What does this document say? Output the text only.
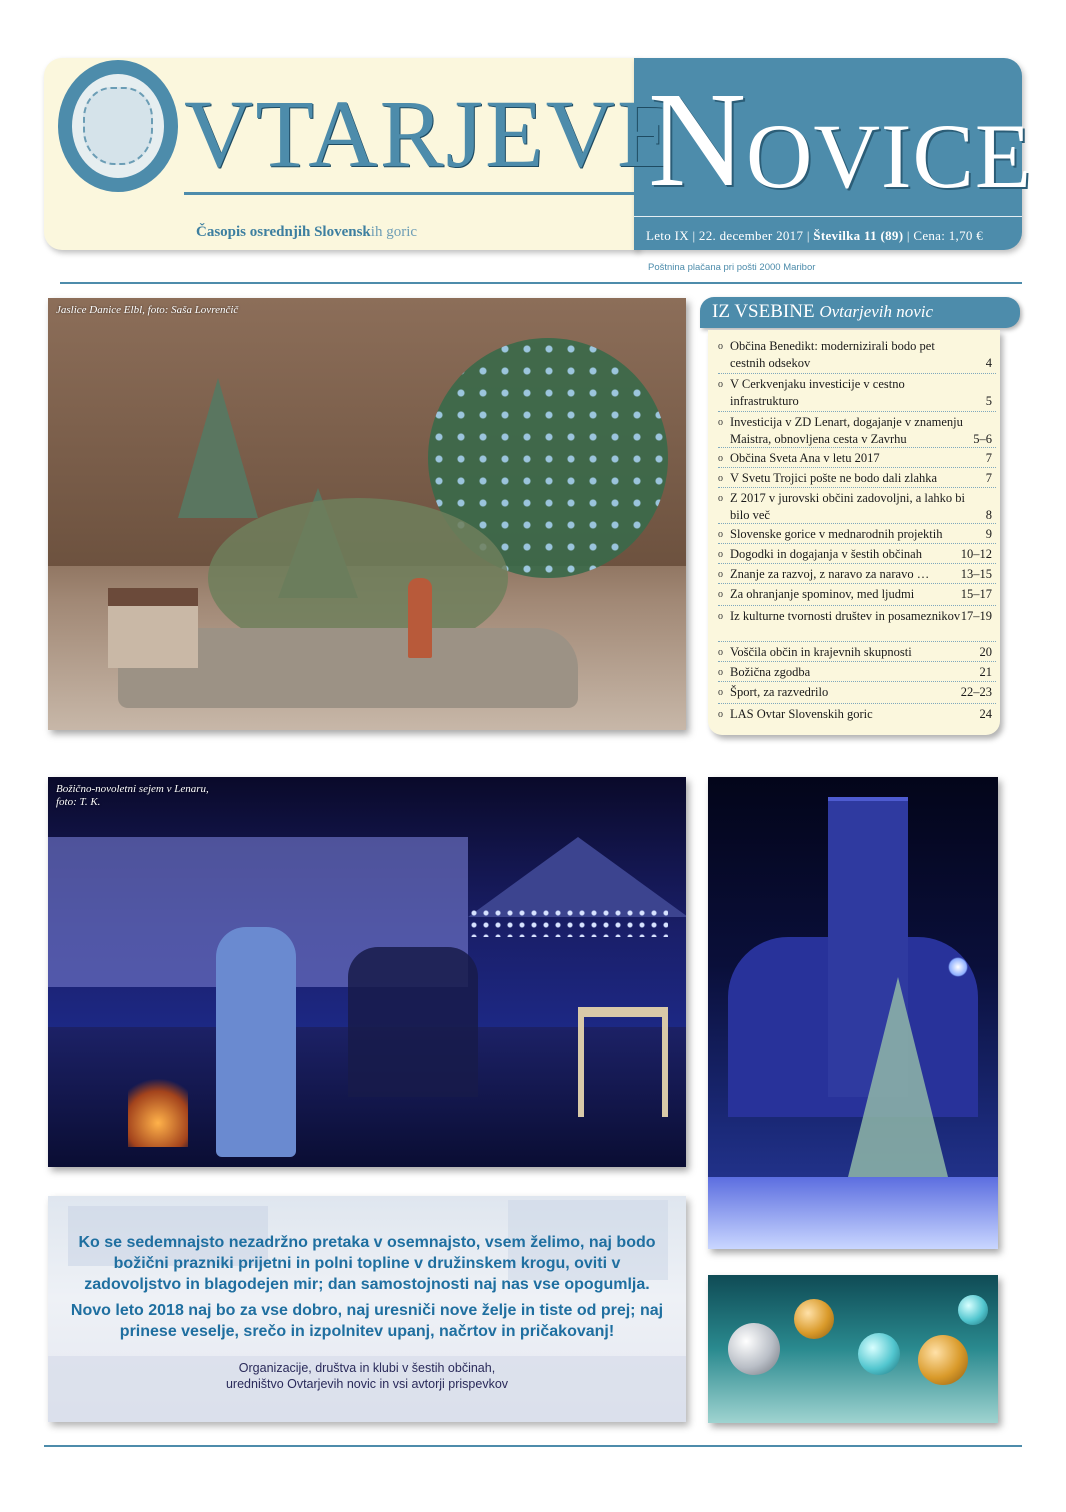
VTARJEVE
N OVICE
Časopis osrednjih Slovenskih goric	Leto IX | 22. december 2017 | Številka 11 (89) | Cena: 1,70 €
Poštnina plačana pri pošti 2000 Maribor
Jaslice Danice Elbl, foto: Saša Lovrenčič	IZ VSEBINE Ovtarjevih novic
o Občina Benedikt: modernizirali bodo pet cestnih odsekov	4
o V Cerkvenjaku investicije v cestno infrastrukturo	5
o Investicija v ZD Lenart, dogajanje v znamenju Maistra, obnovljena cesta v Zavrhu	5–6
o Občina Sveta Ana v letu 2017	7
o V Svetu Trojici pošte ne bodo dali zlahka	7
o Z 2017 v jurovski občini zadovoljni, a lahko bi bilo več	8
o Slovenske gorice v mednarodnih projektih	9
o Dogodki in dogajanja v šestih občinah	10–12
o Znanje za razvoj, z naravo za naravo …	13–15
o Za ohranjanje spominov, med ljudmi	15–17
o Iz kulturne tvornosti društev in posameznikov 17–19
o Voščila občin in krajevnih skupnosti	20
o Božična zgodba	21
o Šport, za razvedrilo	22–23
o LAS Ovtar Slovenskih goric	24
Božično-novoletni sejem v Lenaru,
foto: T. K.
Ko se sedemnajsto nezadržno pretaka v osemnajsto, vsem želimo, naj bodo božični prazniki prijetni in polni topline v družinskem krogu, oviti v zadovoljstvo in blagodejen mir; dan samostojnosti naj nas vse opogumlja.
Novo leto 2018 naj bo za vse dobro, naj uresniči nove želje in tiste od prej; naj prinese veselje, srečo in izpolnitev upanj, načrtov in pričakovanj!
Organizacije, društva in klubi v šestih občinah,
uredništvo Ovtarjevih novic in vsi avtorji prispevkov
